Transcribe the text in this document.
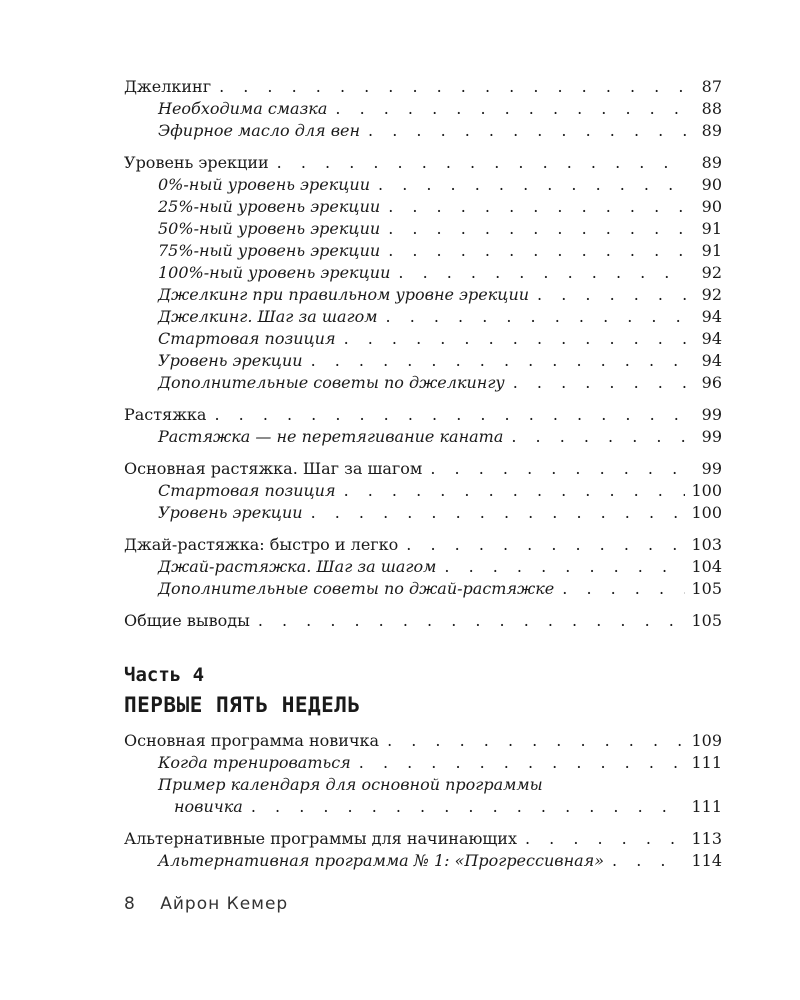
Джелкинг . . .	87
Необходима смазка . . .	88
Эфирное масло для вен . . .	89
Уровень эрекции . . .	89
0%-ный уровень эрекции . . .	90
25%-ный уровень эрекции . . .	90
50%-ный уровень эрекции . . .	91
75%-ный уровень эрекции . . .	91
100%-ный уровень эрекции . . .	92
Джелкинг при правильном уровне эрекции . . .	92
Джелкинг. Шаг за шагом . . .	94
Стартовая позиция . . .	94
Уровень эрекции . . .	94
Дополнительные советы по джелкингу . . .	96
Растяжка . . .	99
Растяжка — не перетягивание каната . . .	99
Основная растяжка. Шаг за шагом . . .	99
Стартовая позиция . . .	100
Уровень эрекции . . .	100
Джай-растяжка: быстро и легко . . .	103
Джай-растяжка. Шаг за шагом . . .	104
Дополнительные советы по джай-растяжке . . .	105
Общие выводы . . .	105
Часть 4
ПЕРВЫЕ ПЯТЬ НЕДЕЛЬ
Основная программа новичка . . .	109
Когда тренироваться . . .	111
Пример календаря для основной программы
новичка . . .	111
Альтернативные программы для начинающих . . .	113
Альтернативная программа № 1: «Прогрессивная» . . .	114
8 Айрон Кемер
